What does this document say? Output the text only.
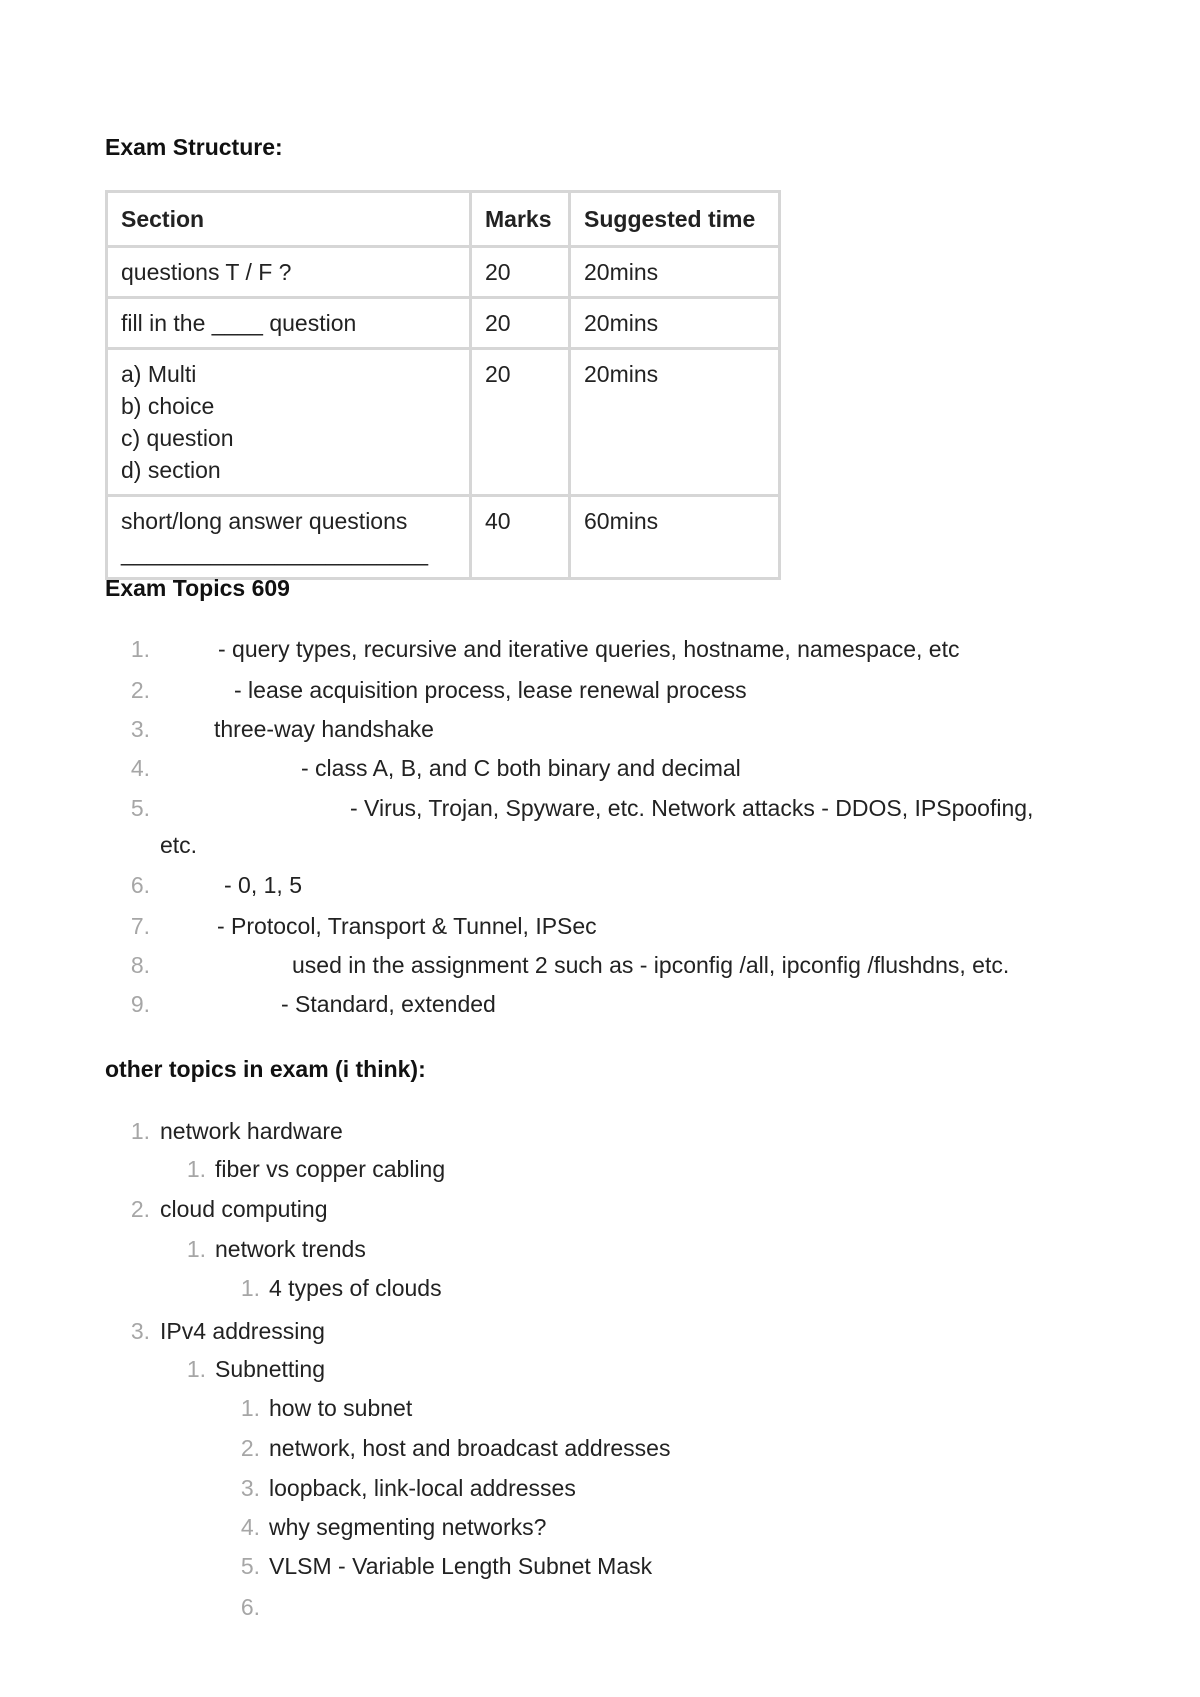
Exam Structure:
Section	Marks	Suggested time
questions T / F ?	20	20mins
fill in the ____ question	20	20mins

a) Multi
b) choice
c) question
d) section	20	20mins

short/long answer questions
________________________	40	60mins
Exam Topics 609
1.	- query types, recursive and iterative queries, hostname, namespace, etc
2.	- lease acquisition process, lease renewal process
3.	three-way handshake
4.	- class A, B, and C both binary and decimal
5.	- Virus, Trojan, Spyware, etc. Network attacks - DDOS, IPSpoofing,
etc.
6.	- 0, 1, 5
7.	- Protocol, Transport & Tunnel, IPSec
8.	used in the assignment 2 such as - ipconfig /all, ipconfig /flushdns, etc.
9.	- Standard, extended
other topics in exam (i think):
1. network hardware
1. fiber vs copper cabling
2. cloud computing
1. network trends
1. 4 types of clouds
3. IPv4 addressing
1. Subnetting
1. how to subnet
2. network, host and broadcast addresses
3. loopback, link-local addresses
4. why segmenting networks?
5. VLSM - Variable Length Subnet Mask
6.
